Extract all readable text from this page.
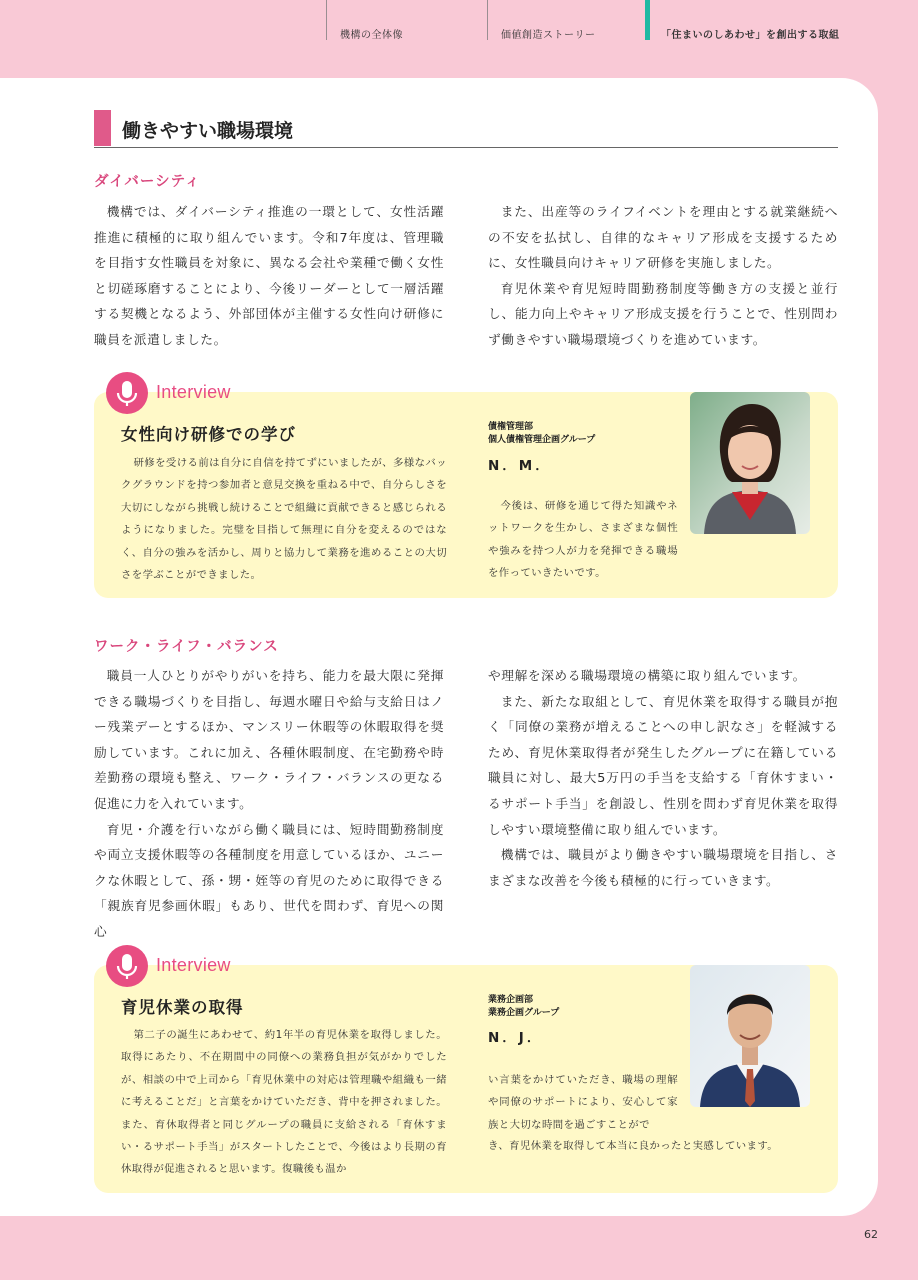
機構の全体像	価値創造ストーリー	「住まいのしあわせ」を創出する取組
働きやすい職場環境
ダイバーシティ

機構では、ダイバーシティ推進の一環として、女性活躍推進に積極的に取り組んでいます。令和7年度は、管理職を目指す女性職員を対象に、異なる会社や業種で働く女性と切磋琢磨することにより、今後リーダーとして一層活躍する契機となるよう、外部団体が主催する女性向け研修に職員を派遣しました。

また、出産等のライフイベントを理由とする就業継続への不安を払拭し、自律的なキャリア形成を支援するために、女性職員向けキャリア研修を実施しました。

育児休業や育児短時間勤務制度等働き方の支援と並行し、能力向上やキャリア形成支援を行うことで、性別問わず働きやすい職場環境づくりを進めています。

Interview
女性向け研修での学び
研修を受ける前は自分に自信を持てずにいましたが、多様なバックグラウンドを持つ参加者と意見交換を重ねる中で、自分らしさを大切にしながら挑戦し続けることで組織に貢献できると感じられるようになりました。完璧を目指して無理に自分を変えるのではなく、自分の強みを活かし、周りと協力して業務を進めることの大切さを学ぶことができました。
債権管理部
個人債権管理企画グループ
N．M．
今後は、研修を通じて得た知識やネットワークを生かし、さまざまな個性や強みを持つ人が力を発揮できる職場を作っていきたいです。
ワーク・ライフ・バランス

職員一人ひとりがやりがいを持ち、能力を最大限に発揮できる職場づくりを目指し、毎週水曜日や給与支給日はノー残業デーとするほか、マンスリー休暇等の休暇取得を奨励しています。これに加え、各種休暇制度、在宅勤務や時差勤務の環境も整え、ワーク・ライフ・バランスの更なる促進に力を入れています。

育児・介護を行いながら働く職員には、短時間勤務制度や両立支援休暇等の各種制度を用意しているほか、ユニークな休暇として、孫・甥・姪等の育児のために取得できる「親族育児参画休暇」もあり、世代を問わず、育児への関心

や理解を深める職場環境の構築に取り組んでいます。

また、新たな取組として、育児休業を取得する職員が抱く「同僚の業務が増えることへの申し訳なさ」を軽減するため、育児休業取得者が発生したグループに在籍している職員に対し、最大5万円の手当を支給する「育休すまい・るサポート手当」を創設し、性別を問わず育児休業を取得しやすい環境整備に取り組んでいます。

機構では、職員がより働きやすい職場環境を目指し、さまざまな改善を今後も積極的に行っていきます。

Interview
育児休業の取得
第二子の誕生にあわせて、約1年半の育児休業を取得しました。取得にあたり、不在期間中の同僚への業務負担が気がかりでしたが、相談の中で上司から「育児休業中の対応は管理職や組織も一緒に考えることだ」と言葉をかけていただき、背中を押されました。また、育休取得者と同じグループの職員に支給される「育休すまい・るサポート手当」がスタートしたことで、今後はより長期の育休取得が促進されると思います。復職後も温か
業務企画部
業務企画グループ
N．J．
い言葉をかけていただき、職場の理解や同僚のサポートにより、安心して家族と大切な時間を過ごすことがで
き、育児休業を取得して本当に良かったと実感しています。
62
